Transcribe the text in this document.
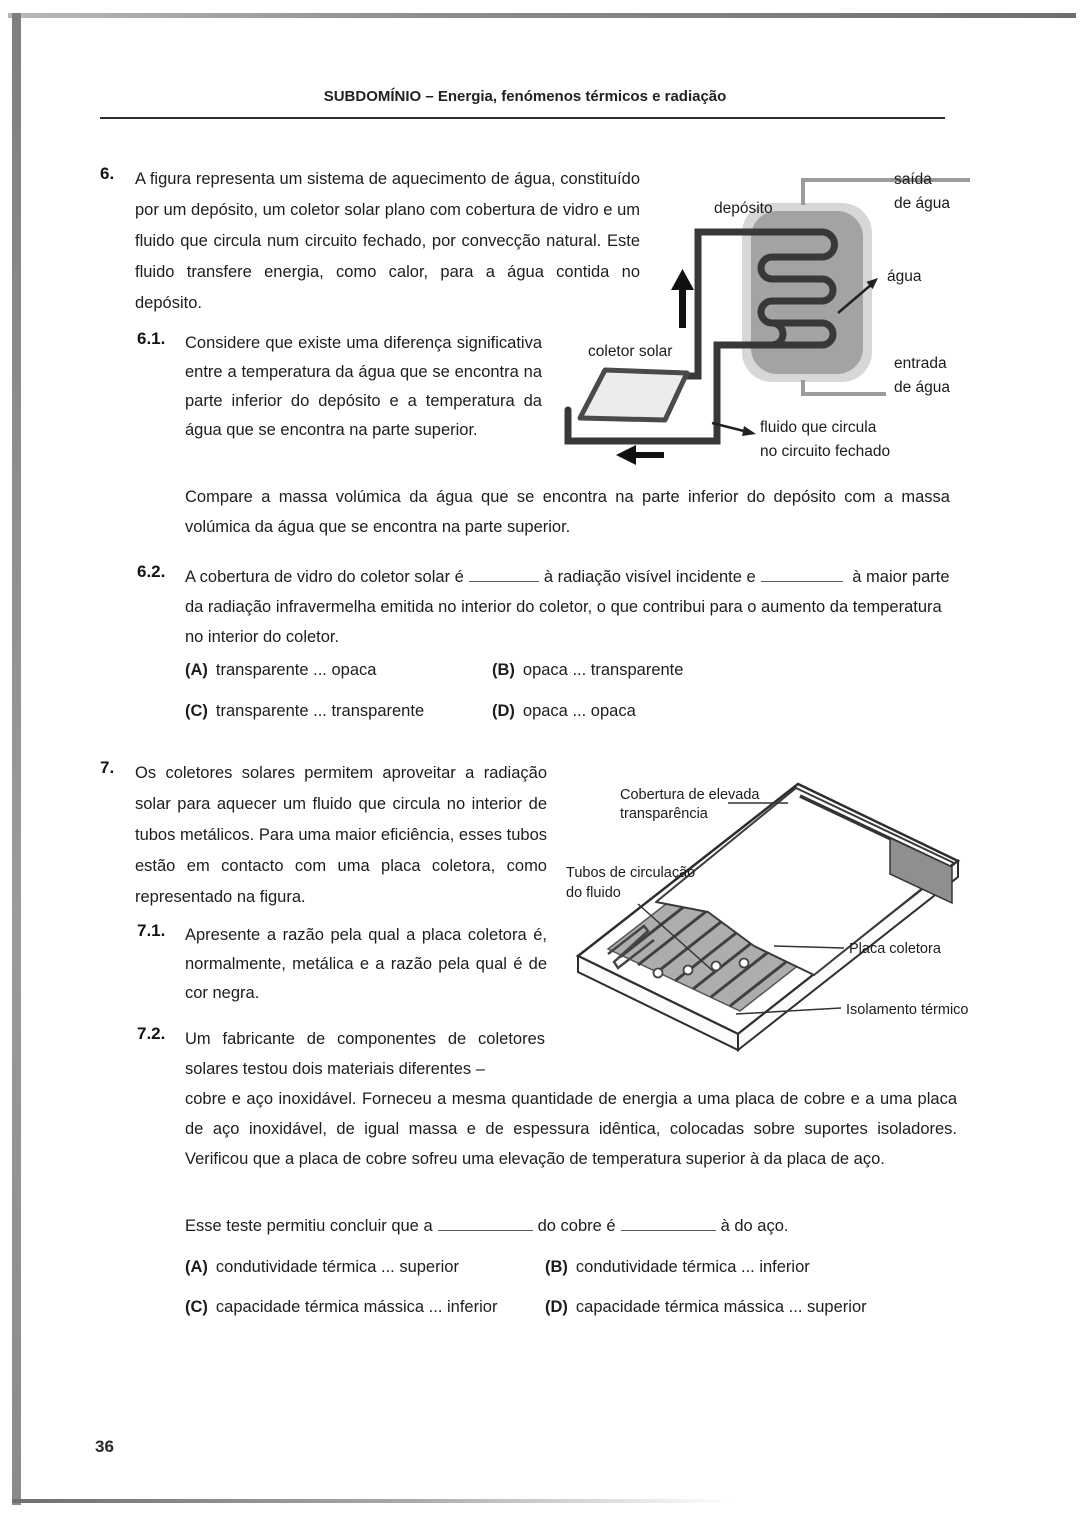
SUBDOMÍNIO – Energia, fenómenos térmicos e radiação
6. A figura representa um sistema de aquecimento de água, constituído por um depósito, um coletor solar plano com cobertura de vidro e um fluido que circula num circuito fechado, por convecção natural. Este fluido transfere energia, como calor, para a água contida no depósito.
depósito
saída
de água
água
entrada
de água
coletor solar
fluido que circula
no circuito fechado
6.1. Considere que existe uma diferença significativa entre a temperatura da água que se encontra na parte inferior do depósito e a temperatura da água que se encontra na parte superior.
Compare a massa volúmica da água que se encontra na parte inferior do depósito com a massa volúmica da água que se encontra na parte superior.
6.2. A cobertura de vidro do coletor solar é	à radiação visível incidente e	à maior parte da radiação infravermelha emitida no interior do coletor, o que contribui para o aumento da temperatura no interior do coletor.
(A) transparente ... opaca	(B) opaca ... transparente
(C) transparente ... transparente	(D) opaca ... opaca
7. Os coletores solares permitem aproveitar a radiação solar para aquecer um fluido que circula no interior de tubos metálicos. Para uma maior eficiência, esses tubos estão em contacto com uma placa coletora, como representado na figura.
Cobertura de elevada
transparência
Tubos de circulação
do fluido
Placa coletora
Isolamento térmico
7.1. Apresente a razão pela qual a placa coletora é, normalmente, metálica e a razão pela qual é de cor negra.
7.2. Um fabricante de componentes de coletores solares testou dois materiais diferentes –
cobre e aço inoxidável. Forneceu a mesma quantidade de energia a uma placa de cobre e a uma placa de aço inoxidável, de igual massa e de espessura idêntica, colocadas sobre suportes isoladores. Verificou que a placa de cobre sofreu uma elevação de temperatura superior à da placa de aço.
Esse teste permitiu concluir que a	do cobre é	à do aço.
(A) condutividade térmica ... superior	(B) condutividade térmica ... inferior
(C) capacidade térmica mássica ... inferior	(D) capacidade térmica mássica ... superior
36
